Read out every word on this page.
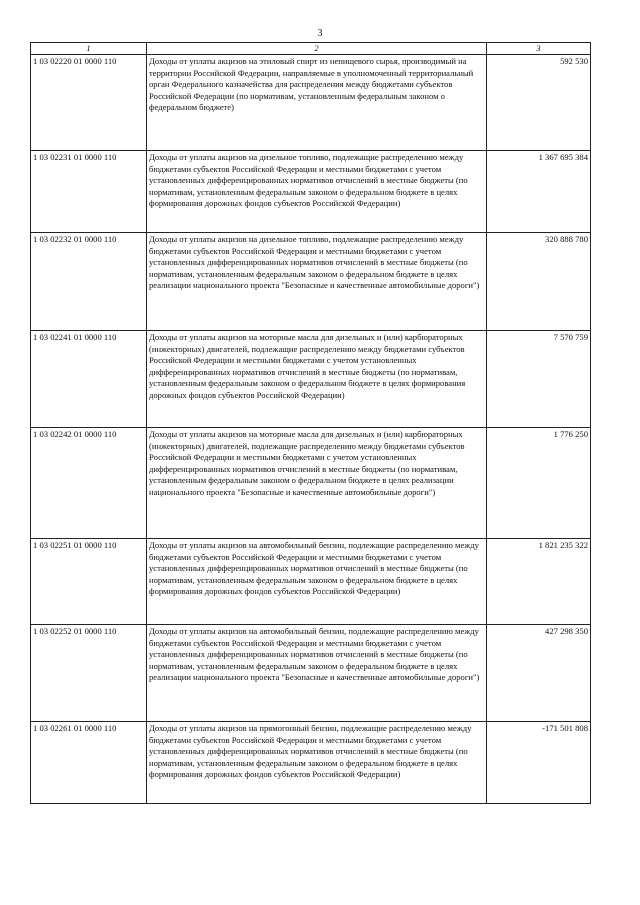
3
1	2	3
1 03 02220 01 0000 110	Доходы от уплаты акцизов на этиловый спирт из непищевого сырья, производимый на территории Российской Федерации, направляемые в уполномоченный территориальный орган Федерального казначейства для распределения между бюджетами субъектов Российской Федерации (по нормативам, установленным федеральным законом о федеральном бюджете)	592 530
1 03 02231 01 0000 110	Доходы от уплаты акцизов на дизельное топливо, подлежащие распределению между бюджетами субъектов Российской Федерации и местными бюджетами с учетом установленных дифференцированных нормативов отчислений в местные бюджеты (по нормативам, установленным федеральным законом о федеральном бюджете в целях формирования дорожных фондов субъектов Российской Федерации)	1 367 695 384
1 03 02232 01 0000 110	Доходы от уплаты акцизов на дизельное топливо, подлежащие распределению между бюджетами субъектов Российской Федерации и местными бюджетами с учетом установленных дифференцированных нормативов отчислений в местные бюджеты (по нормативам, установленным федеральным законом о федеральном бюджете в целях реализации национального проекта "Безопасные и качественные автомобильные дороги")	320 888 780
1 03 02241 01 0000 110	Доходы от уплаты акцизов на моторные масла для дизельных и (или) карбюраторных (инжекторных) двигателей, подлежащие распределению между бюджетами субъектов Российской Федерации и местными бюджетами с учетом установленных дифференцированных нормативов отчислений в местные бюджеты (по нормативам, установленным федеральным законом о федеральном бюджете в целях формирования дорожных фондов субъектов Российской Федерации)	7 570 759
1 03 02242 01 0000 110	Доходы от уплаты акцизов на моторные масла для дизельных и (или) карбюраторных (инжекторных) двигателей, подлежащие распределению между бюджетами субъектов Российской Федерации и местными бюджетами с учетом установленных дифференцированных нормативов отчислений в местные бюджеты (по нормативам, установленным федеральным законом о федеральном бюджете в целях реализации национального проекта "Безопасные и качественные автомобильные дороги")	1 776 250
1 03 02251 01 0000 110	Доходы от уплаты акцизов на автомобильный бензин, подлежащие распределению между бюджетами субъектов Российской Федерации и местными бюджетами с учетом установленных дифференцированных нормативов отчислений в местные бюджеты (по нормативам, установленным федеральным законом о федеральном бюджете в целях формирования дорожных фондов субъектов Российской Федерации)	1 821 235 322
1 03 02252 01 0000 110	Доходы от уплаты акцизов на автомобильный бензин, подлежащие распределению между бюджетами субъектов Российской Федерации и местными бюджетами с учетом установленных дифференцированных нормативов отчислений в местные бюджеты (по нормативам, установленным федеральным законом о федеральном бюджете в целях реализации национального проекта "Безопасные и качественные автомобильные дороги")	427 298 350
1 03 02261 01 0000 110	Доходы от уплаты акцизов на прямогонный бензин, подлежащие распределению между бюджетами субъектов Российской Федерации и местными бюджетами с учетом установленных дифференцированных нормативов отчислений в местные бюджеты (по нормативам, установленным федеральным законом о федеральном бюджете в целях формирования дорожных фондов субъектов Российской Федерации)	-171 501 808
